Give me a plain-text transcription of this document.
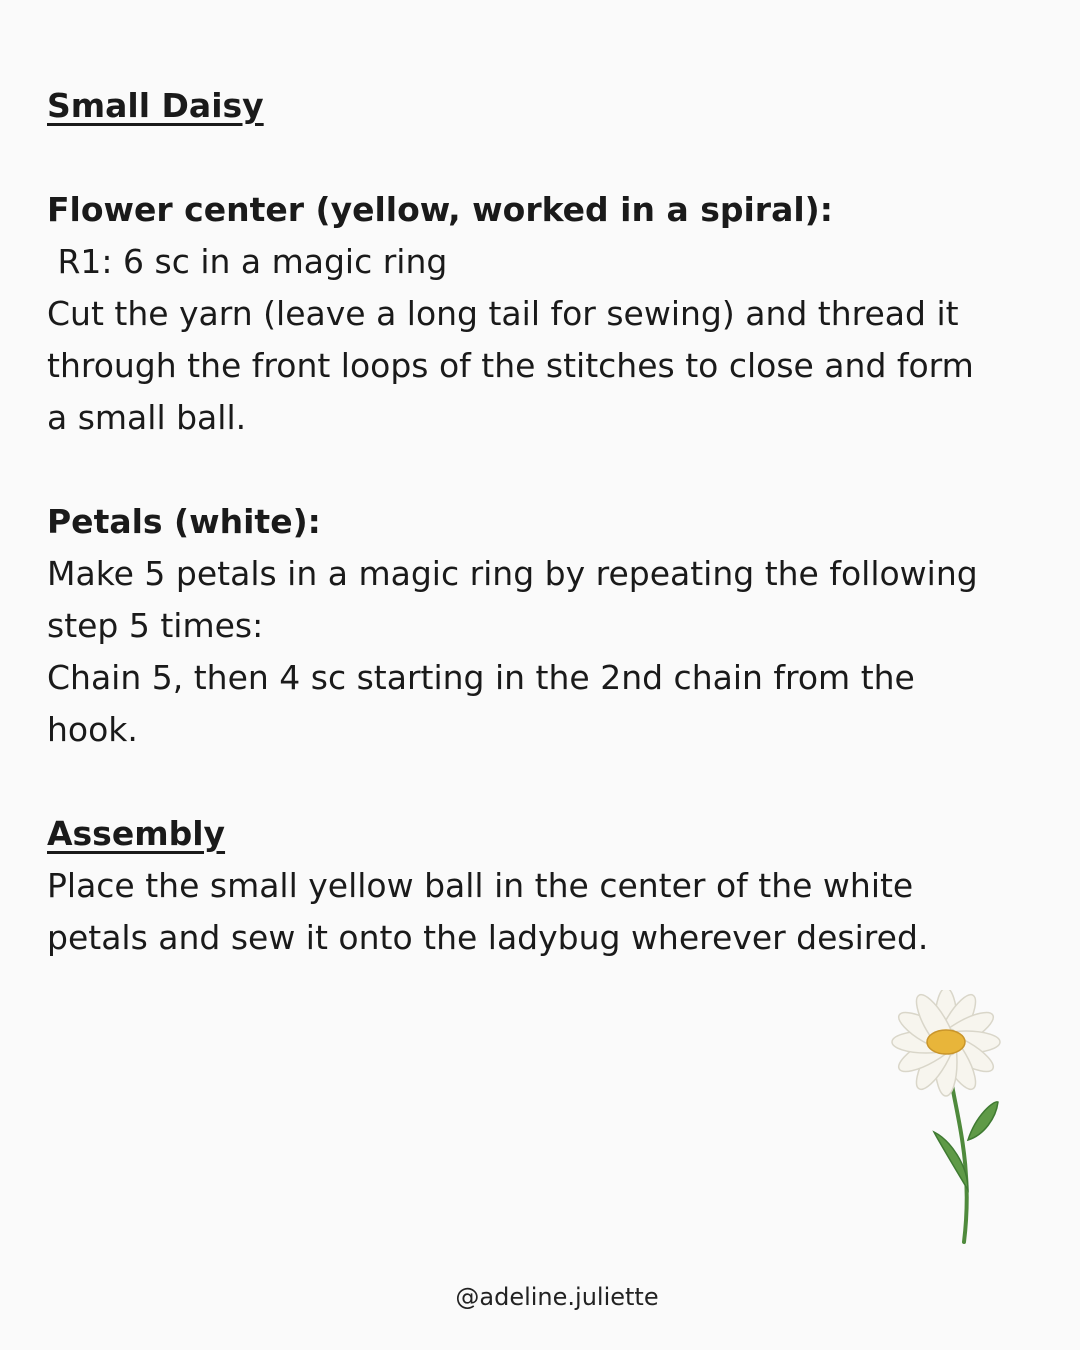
Small Daisy
Flower center (yellow, worked in a spiral):
R1: 6 sc in a magic ring
Cut the yarn (leave a long tail for sewing) and thread it
through the front loops of the stitches to close and form
a small ball.
Petals (white):
Make 5 petals in a magic ring by repeating the following
step 5 times:
Chain 5, then 4 sc starting in the 2nd chain from the
hook.
Assembly
Place the small yellow ball in the center of the white
petals and sew it onto the ladybug wherever desired.
@adeline.juliette
